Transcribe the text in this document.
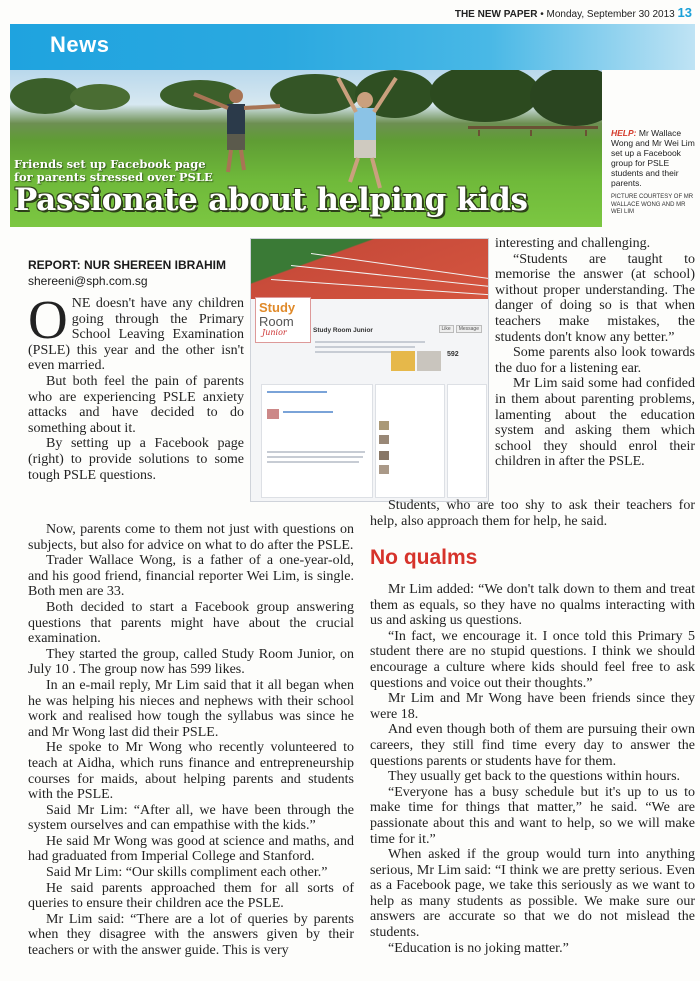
THE NEW PAPER • Monday, September 30 2013 13
News
Friends set up Facebook page
for parents stressed over PSLE
Passionate about helping kids
HELP: Mr Wallace Wong and Mr Wei Lim set up a Facebook group for PSLE students and their parents.
PICTURE COURTESY OF MR WALLACE WONG AND MR WEI LIM
REPORT: NUR SHEREEN IBRAHIM
shereeni@sph.com.sg
Study
Room
Junior	Study Room Junior	Like Message
592

ONE doesn't have any children going through the Primary School Leaving Examination (PSLE) this year and the other isn't even married.

But both feel the pain of parents who are experiencing PSLE anxiety attacks and have decided to do something about it.

By setting up a Facebook page (right) to provide solutions to some tough PSLE questions.

Now, parents come to them not just with questions on subjects, but also for advice on what to do after the PSLE.

Trader Wallace Wong, is a father of a one-year-old, and his good friend, financial reporter Wei Lim, is single. Both men are 33.

Both decided to start a Facebook group answering questions that parents might have about the crucial examination.

They started the group, called Study Room Junior, on July 10 . The group now has 599 likes.

In an e-mail reply, Mr Lim said that it all began when he was helping his nieces and nephews with their school work and realised how tough the syllabus was since he and Mr Wong last did their PSLE.

He spoke to Mr Wong who recently volunteered to teach at Aidha, which runs finance and entrepreneurship courses for maids, about helping parents and students with the PSLE.

Said Mr Lim: “After all, we have been through the system ourselves and can empathise with the kids.”

He said Mr Wong was good at science and maths, and had graduated from Imperial College and Stanford.

Said Mr Lim: “Our skills compliment each other.”

He said parents approached them for all sorts of queries to ensure their children ace the PSLE.

Mr Lim said: “There are a lot of queries by parents when they disagree with the answers given by their teachers or with the answer guide. This is very

interesting and challenging.

“Students are taught to memorise the answer (at school) without proper understanding. The danger of doing so is that when teachers make mistakes, the students don't know any better.”

Some parents also look towards the duo for a listening ear.

Mr Lim said some had confided in them about parenting problems, lamenting about the education system and asking them which school they should enrol their children in after the PSLE.

Students, who are too shy to ask their teachers for help, also approach them for help, he said.

No qualms

Mr Lim added: “We don't talk down to them and treat them as equals, so they have no qualms interacting with us and asking us questions.

“In fact, we encourage it. I once told this Primary 5 student there are no stupid questions. I think we should encourage a culture where kids should feel free to ask questions and voice out their thoughts.”

Mr Lim and Mr Wong have been friends since they were 18.

And even though both of them are pursuing their own careers, they still find time every day to answer the questions parents or students have for them.

They usually get back to the questions within hours.

“Everyone has a busy schedule but it's up to us to make time for things that matter,” he said. “We are passionate about this and want to help, so we will make time for it.”

When asked if the group would turn into anything serious, Mr Lim said: “I think we are pretty serious. Even as a Facebook page, we take this seriously as we want to help as many students as possible. We make sure our answers are accurate so that we do not mislead the students.

“Education is no joking matter.”
